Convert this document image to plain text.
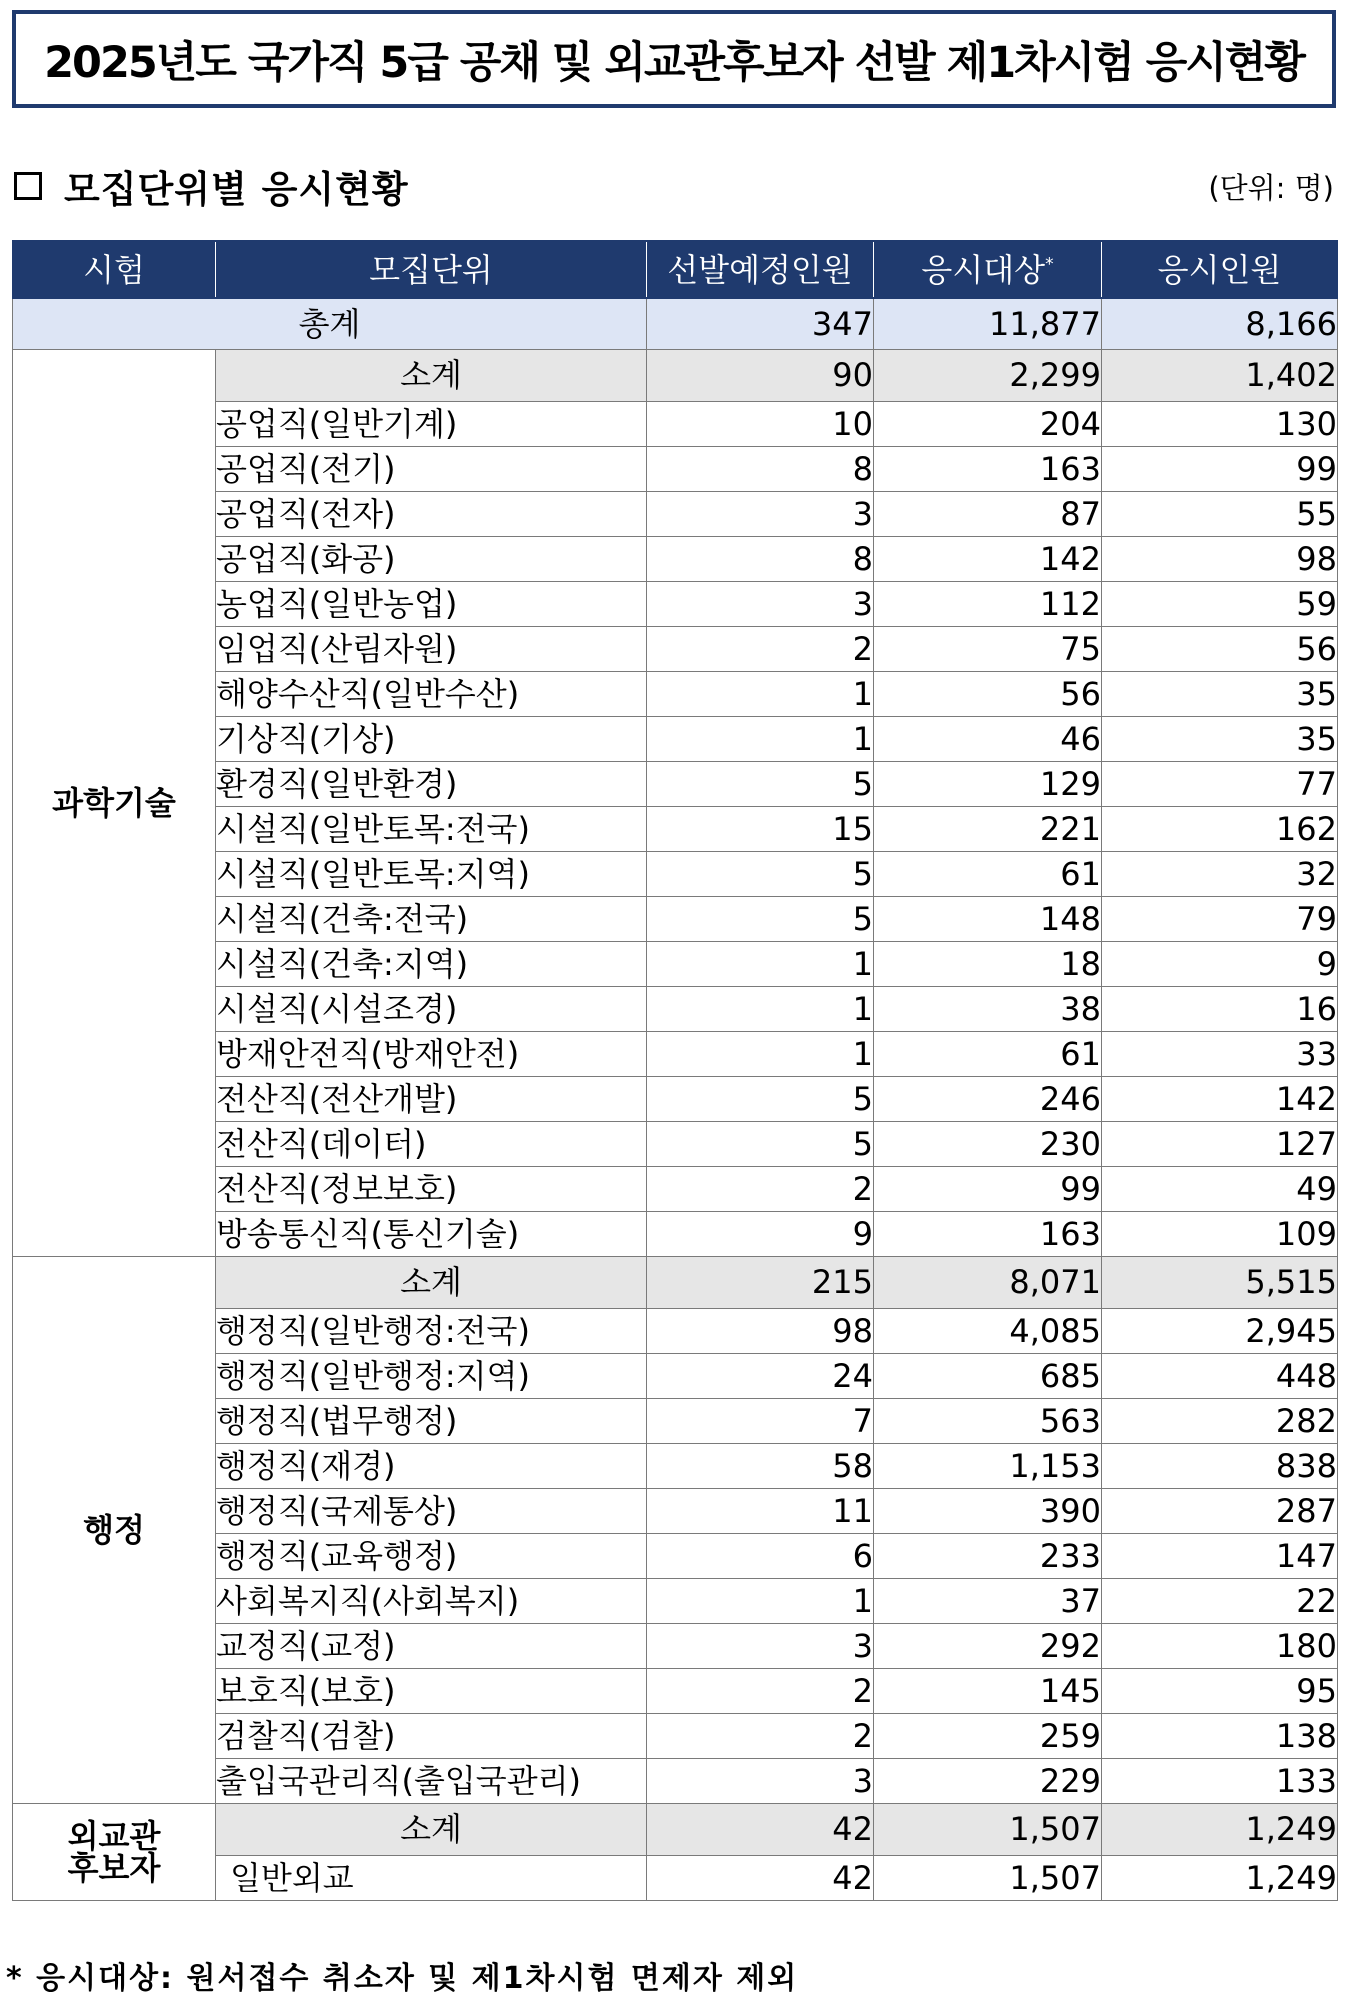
2025년도 국가직 5급 공채 및 외교관후보자 선발 제1차시험 응시현황
모집단위별 응시현황	(단위: 명)
시험	모집단위	선발예정인원	응시대상*	응시인원
총계		347	11,877	8,166
과학기술	소계	90	2,299	1,402
	공업직(일반기계)	10	204	130
	공업직(전기)	8	163	99
	공업직(전자)	3	87	55
	공업직(화공)	8	142	98
	농업직(일반농업)	3	112	59
	임업직(산림자원)	2	75	56
	해양수산직(일반수산)	1	56	35
	기상직(기상)	1	46	35
	환경직(일반환경)	5	129	77
	시설직(일반토목:전국)	15	221	162
	시설직(일반토목:지역)	5	61	32
	시설직(건축:전국)	5	148	79
	시설직(건축:지역)	1	18	9
	시설직(시설조경)	1	38	16
	방재안전직(방재안전)	1	61	33
	전산직(전산개발)	5	246	142
	전산직(데이터)	5	230	127
	전산직(정보보호)	2	99	49
	방송통신직(통신기술)	9	163	109
행정	소계	215	8,071	5,515
	행정직(일반행정:전국)	98	4,085	2,945
	행정직(일반행정:지역)	24	685	448
	행정직(법무행정)	7	563	282
	행정직(재경)	58	1,153	838
	행정직(국제통상)	11	390	287
	행정직(교육행정)	6	233	147
	사회복지직(사회복지)	1	37	22
	교정직(교정)	3	292	180
	보호직(보호)	2	145	95
	검찰직(검찰)	2	259	138
	출입국관리직(출입국관리)	3	229	133

외교관
후보자	소계	42	1,507	1,249
	일반외교	42	1,507	1,249
* 응시대상: 원서접수 취소자 및 제1차시험 면제자 제외
